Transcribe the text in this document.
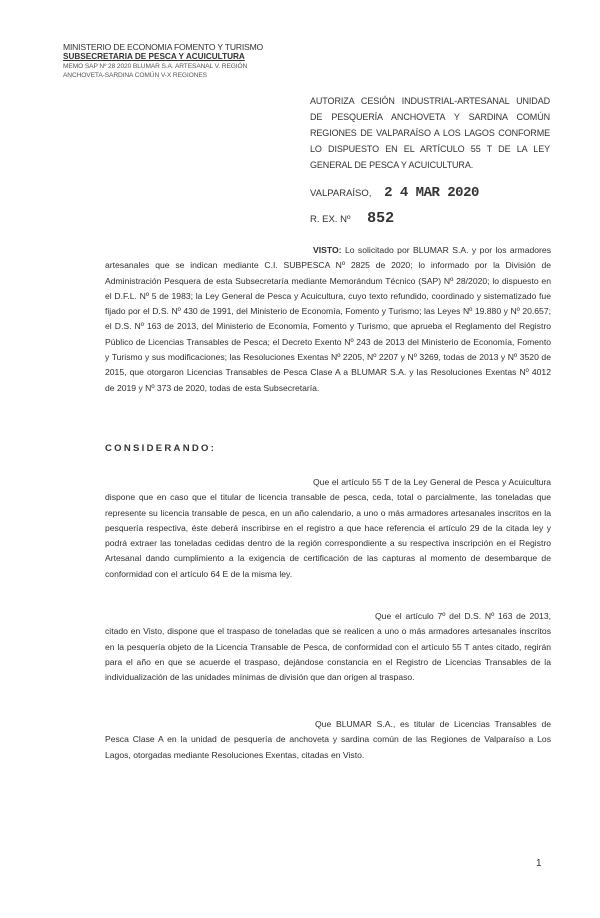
MINISTERIO DE ECONOMIA FOMENTO Y TURISMO
SUBSECRETARIA DE PESCA Y ACUICULTURA
MEMO SAP Nº 28 2020 BLUMAR S.A. ARTESANAL V. REGIÓN
ANCHOVETA-SARDINA COMÚN V-X REGIONES
AUTORIZA CESIÓN INDUSTRIAL-ARTESANAL UNIDAD DE PESQUERÍA ANCHOVETA Y SARDINA COMÚN REGIONES DE VALPARAÍSO A LOS LAGOS CONFORME LO DISPUESTO EN EL ARTÍCULO 55 T DE LA LEY GENERAL DE PESCA Y ACUICULTURA.
VALPARAÍSO, 2 4 MAR 2020
R. EX. Nº 852
VISTO: Lo solicitado por BLUMAR S.A. y por los armadores artesanales que se indican mediante C.I. SUBPESCA Nº 2825 de 2020; lo informado por la División de Administración Pesquera de esta Subsecretaría mediante Memorándum Técnico (SAP) Nº 28/2020; lo dispuesto en el D.F.L. Nº 5 de 1983; la Ley General de Pesca y Acuicultura, cuyo texto refundido, coordinado y sistematizado fue fijado por el D.S. Nº 430 de 1991, del Ministerio de Economía, Fomento y Turismo; las Leyes Nº 19.880 y Nº 20.657; el D.S. Nº 163 de 2013, del Ministerio de Economía, Fomento y Turismo, que aprueba el Reglamento del Registro Público de Licencias Transables de Pesca; el Decreto Exento Nº 243 de 2013 del Ministerio de Economía, Fomento y Turismo y sus modificaciones; las Resoluciones Exentas Nº 2205, Nº 2207 y Nº 3269, todas de 2013 y Nº 3520 de 2015, que otorgaron Licencias Transables de Pesca Clase A a BLUMAR S.A. y las Resoluciones Exentas Nº 4012 de 2019 y Nº 373 de 2020, todas de esta Subsecretaría.
CONSIDERANDO:
Que el artículo 55 T de la Ley General de Pesca y Acuicultura dispone que en caso que el titular de licencia transable de pesca, ceda, total o parcialmente, las toneladas que represente su licencia transable de pesca, en un año calendario, a uno o más armadores artesanales inscritos en la pesquería respectiva, éste deberá inscribirse en el registro a que hace referencia el artículo 29 de la citada ley y podrá extraer las toneladas cedidas dentro de la región correspondiente a su respectiva inscripción en el Registro Artesanal dando cumplimiento a la exigencia de certificación de las capturas al momento de desembarque de conformidad con el artículo 64 E de la misma ley.
Que el artículo 7º del D.S. Nº 163 de 2013, citado en Visto, dispone que el traspaso de toneladas que se realicen a uno o más armadores artesanales inscritos en la pesquería objeto de la Licencia Transable de Pesca, de conformidad con el artículo 55 T antes citado, regirán para el año en que se acuerde el traspaso, dejándose constancia en el Registro de Licencias Transables de la individualización de las unidades mínimas de división que dan origen al traspaso.
Que BLUMAR S.A., es titular de Licencias Transables de Pesca Clase A en la unidad de pesquería de anchoveta y sardina común de las Regiones de Valparaíso a Los Lagos, otorgadas mediante Resoluciones Exentas, citadas en Visto.
1
